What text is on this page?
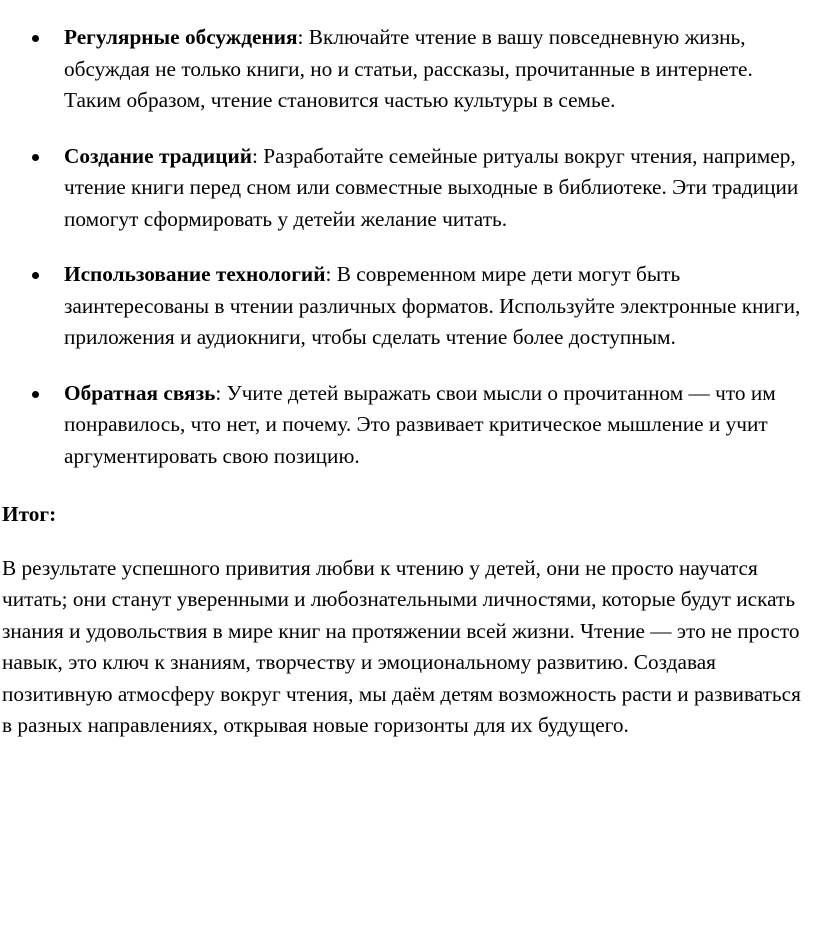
Регулярные обсуждения: Включайте чтение в вашу повседневную жизнь, обсуждая не только книги, но и статьи, рассказы, прочитанные в интернете. Таким образом, чтение становится частью культуры в семье.
Создание традиций: Разработайте семейные ритуалы вокруг чтения, например, чтение книги перед сном или совместные выходные в библиотеке. Эти традиции помогут сформировать у детейи желание читать.
Использование технологий: В современном мире дети могут быть заинтересованы в чтении различных форматов. Используйте электронные книги, приложения и аудиокниги, чтобы сделать чтение более доступным.
Обратная связь: Учите детей выражать свои мысли о прочитанном — что им понравилось, что нет, и почему. Это развивает критическое мышление и учит аргументировать свою позицию.
Итог:

В результате успешного привития любви к чтению у детей, они не просто научатся читать; они станут уверенными и любознательными личностями, которые будут искать знания и удовольствия в мире книг на протяжении всей жизни. Чтение — это не просто навык, это ключ к знаниям, творчеству и эмоциональному развитию. Создавая позитивную атмосферу вокруг чтения, мы даём детям возможность расти и развиваться в разных направлениях, открывая новые горизонты для их будущего.
